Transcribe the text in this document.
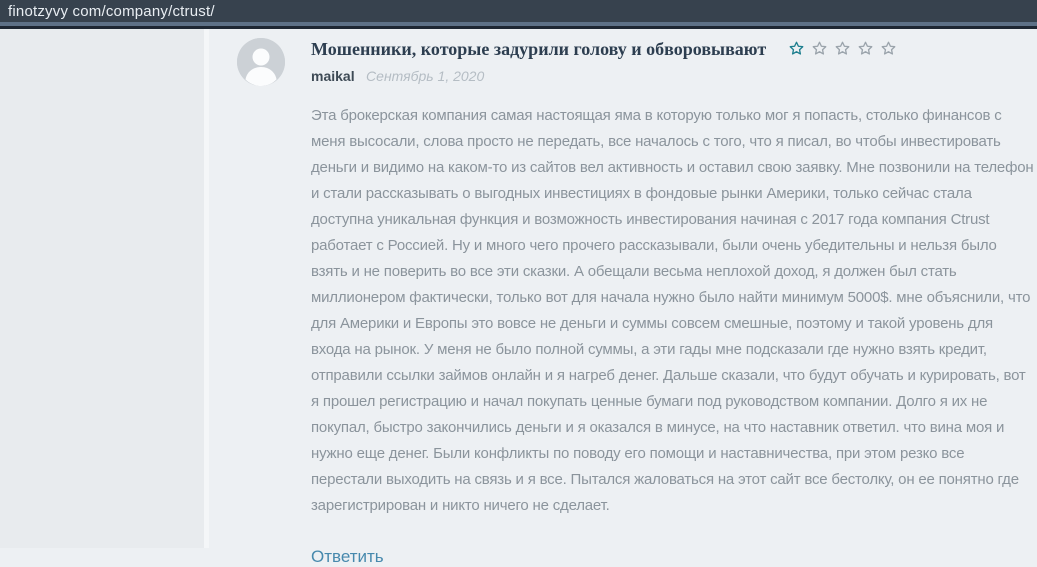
finotzyvy com/company/ctrust/
Мошенники, которые задурили голову и обворовывают
maikal Сентябрь 1, 2020

Эта брокерская компания самая настоящая яма в которую только мог я попасть, столько финансов с меня высосали, слова просто не передать, все началось с того, что я писал, во чтобы инвестировать деньги и видимо на каком-то из сайтов вел активность и оставил свою заявку. Мне позвонили на телефон и стали рассказывать о выгодных инвестициях в фондовые рынки Америки, только сейчас стала доступна уникальная функция и возможность инвестирования начиная с 2017 года компания Ctrust работает с Россией. Ну и много чего прочего рассказывали, были очень убедительны и нельзя было взять и не поверить во все эти сказки. А обещали весьма неплохой доход, я должен был стать миллионером фактически, только вот для начала нужно было найти минимум 5000$. мне объяснили, что для Америки и Европы это вовсе не деньги и суммы совсем смешные, поэтому и такой уровень для входа на рынок. У меня не было полной суммы, а эти гады мне подсказали где нужно взять кредит, отправили ссылки займов онлайн и я нагреб денег. Дальше сказали, что будут обучать и курировать, вот я прошел регистрацию и начал покупать ценные бумаги под руководством компании. Долго я их не покупал, быстро закончились деньги и я оказался в минусе, на что наставник ответил. что вина моя и нужно еще денег. Были конфликты по поводу его помощи и наставничества, при этом резко все перестали выходить на связь и я все. Пытался жаловаться на этот сайт все бестолку, он ее понятно где зарегистрирован и никто ничего не сделает.

Ответить
